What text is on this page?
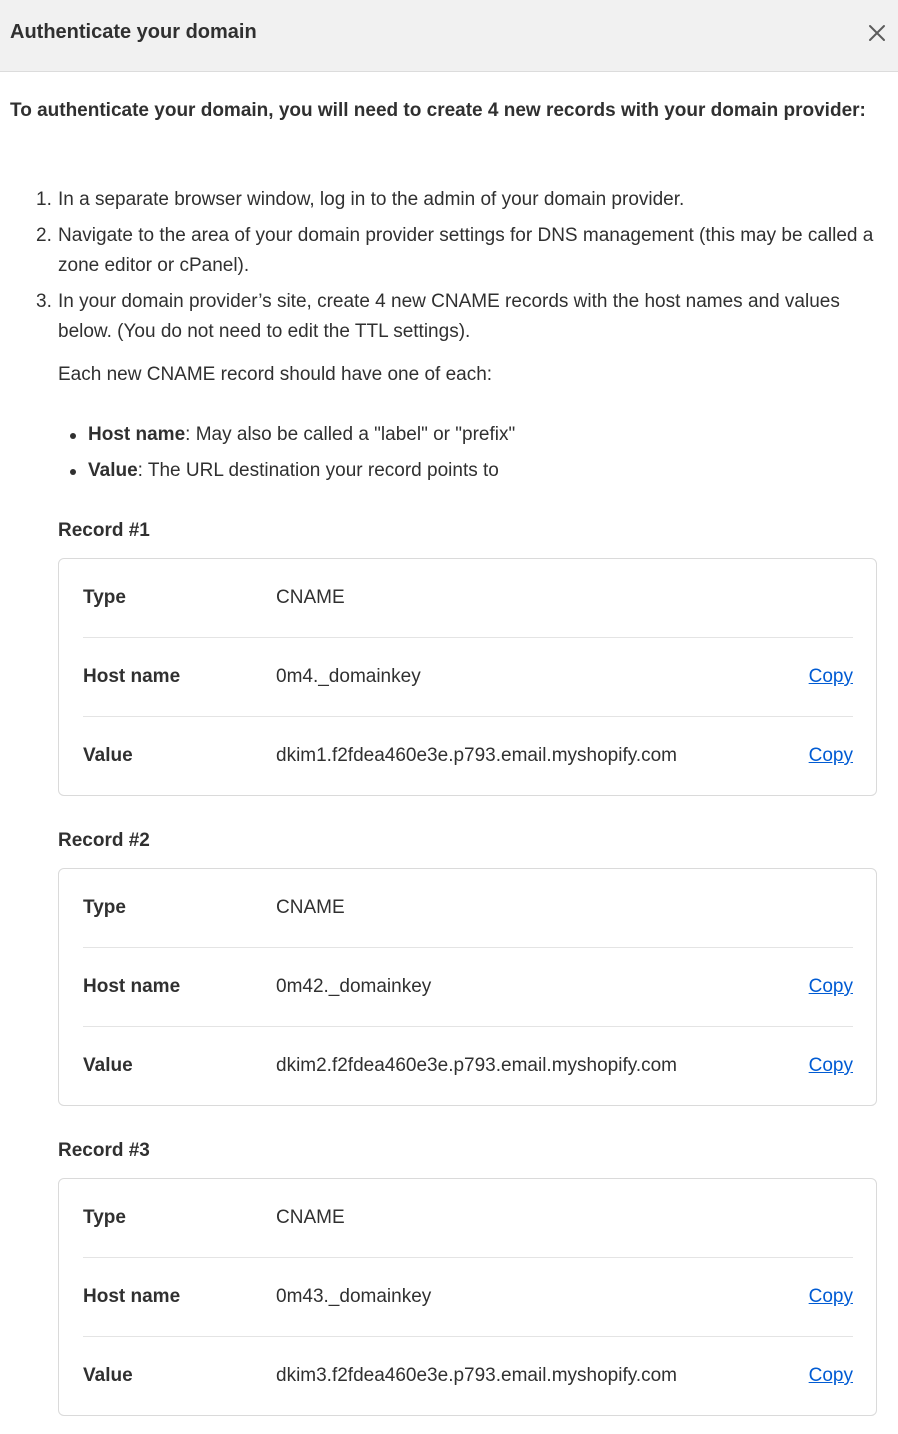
Authenticate your domain
To authenticate your domain, you will need to create 4 new records with your domain provider:
1. In a separate browser window, log in to the admin of your domain provider.
2. Navigate to the area of your domain provider settings for DNS management (this may be called a zone editor or cPanel).
3. In your domain provider’s site, create 4 new CNAME records with the host names and values below. (You do not need to edit the TTL settings).
Each new CNAME record should have one of each:
Host name: May also be called a "label" or "prefix"
Value: The URL destination your record points to
Record #1
Type	CNAME
Host name	0m4._domainkey	Copy
Value	dkim1.f2fdea460e3e.p793.email.myshopify.com	Copy
Record #2
Type	CNAME
Host name	0m42._domainkey	Copy
Value	dkim2.f2fdea460e3e.p793.email.myshopify.com	Copy
Record #3
Type	CNAME
Host name	0m43._domainkey	Copy
Value	dkim3.f2fdea460e3e.p793.email.myshopify.com	Copy
